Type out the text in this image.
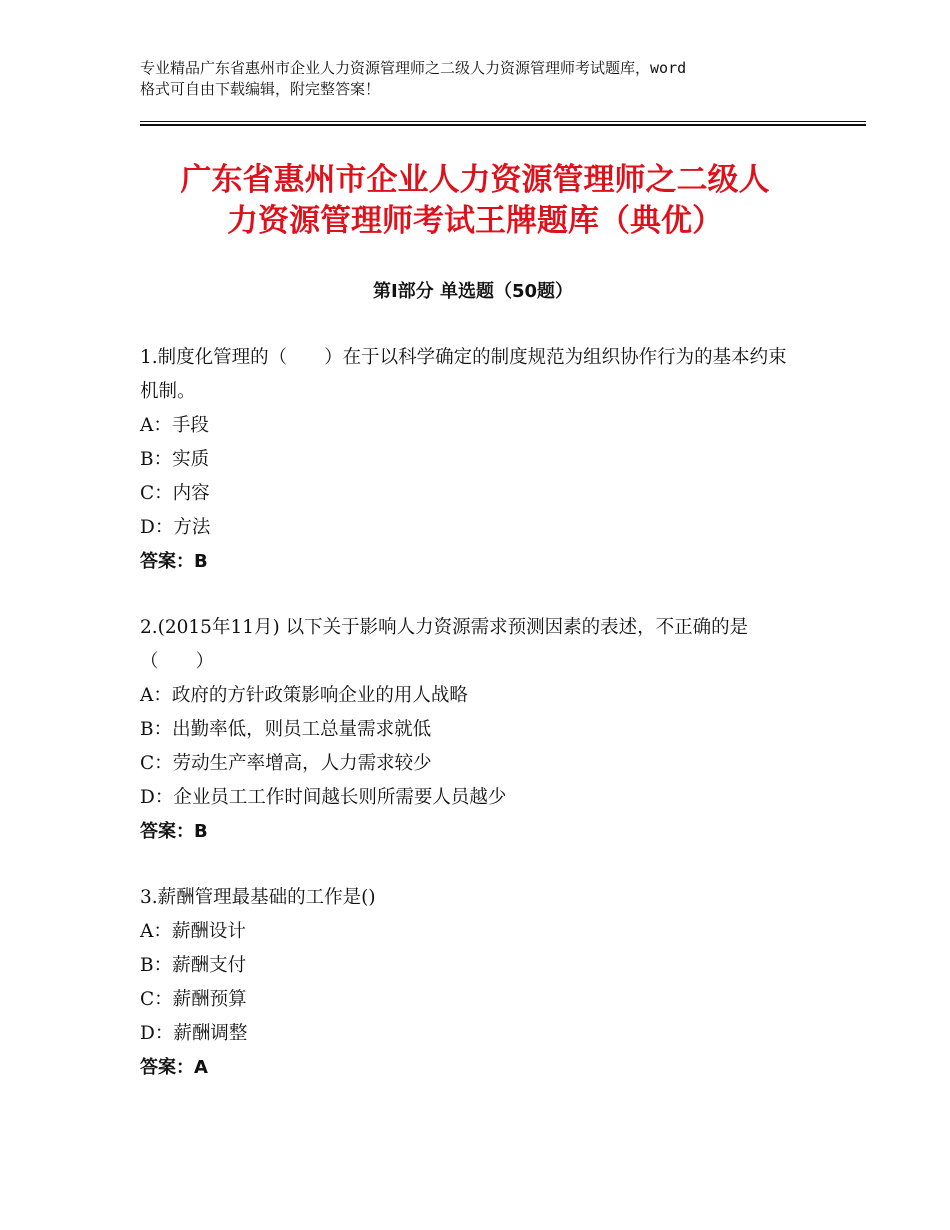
专业精品广东省惠州市企业人力资源管理师之二级人力资源管理师考试题库，word
格式可自由下载编辑，附完整答案！
广东省惠州市企业人力资源管理师之二级人
力资源管理师考试王牌题库（典优）
第Ⅰ部分 单选题（50题）
1.制度化管理的（　　）在于以科学确定的制度规范为组织协作行为的基本约束机制。
A：手段
B：实质
C：内容
D：方法
答案：B
2.(2015年11月) 以下关于影响人力资源需求预测因素的表述，不正确的是 （　　）
A：政府的方针政策影响企业的用人战略
B：出勤率低，则员工总量需求就低
C：劳动生产率增高，人力需求较少
D：企业员工工作时间越长则所需要人员越少
答案：B
3.薪酬管理最基础的工作是()
A：薪酬设计
B：薪酬支付
C：薪酬预算
D：薪酬调整
答案：A
